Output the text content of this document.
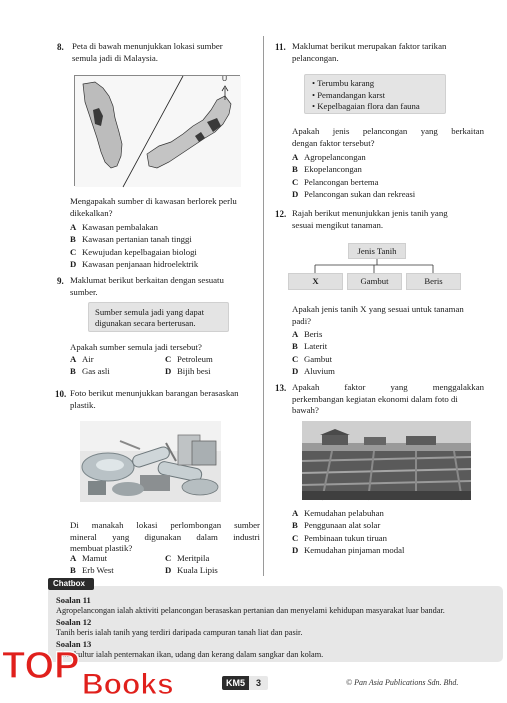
8. Peta di bawah menunjukkan lokasi sumber
semula jadi di Malaysia.
U
Mengapakah sumber di kawasan berlorek perlu
dikekalkan?
A Kawasan pembalakan
B Kawasan pertanian tanah tinggi
C Kewujudan kepelbagaian biologi
D Kawasan penjanaan hidroelektrik
9. Maklumat berikut berkaitan dengan sesuatu
sumber.
Sumber semula jadi yang dapat
digunakan secara berterusan.
Apakah sumber semula jadi tersebut?
A Air	C Petroleum
B Gas asli	D Bijih besi
10. Foto berikut menunjukkan barangan berasaskan
plastik.
Di manakah lokasi perlombongan sumber
mineral yang digunakan dalam industri
membuat plastik?
A Mamut	C Meritpila
B Erb West	D Kuala Lipis
11. Maklumat berikut merupakan faktor tarikan
pelancongan.
• Terumbu karang
• Pemandangan karst
• Kepelbagaian flora dan fauna
Apakah jenis pelancongan yang berkaitan
dengan faktor tersebut?
A Agropelancongan
B Ekopelancongan
C Pelancongan bertema
D Pelancongan sukan dan rekreasi
12. Rajah berikut menunjukkan jenis tanih yang
sesuai mengikut tanaman.
Jenis Tanih
X	Gambut	Beris
Apakah jenis tanih X yang sesuai untuk tanaman
padi?
A Beris
B Laterit
C Gambut
D Aluvium
13. Apakah faktor yang menggalakkan
perkembangan kegiatan ekonomi dalam foto di
bawah?
A Kemudahan pelabuhan
B Penggunaan alat solar
C Pembinaan tukun tiruan
D Kemudahan pinjaman modal
Chatbox
Soalan 11
Agropelancongan ialah aktiviti pelancongan berasaskan pertanian dan menyelami kehidupan masyarakat luar bandar.
Soalan 12
Tanih beris ialah tanih yang terdiri daripada campuran tanah liat dan pasir.
Soalan 13
Akuakultur ialah penternakan ikan, udang dan kerang dalam sangkar dan kolam.
TOP Books	KM5	3	© Pan Asia Publications Sdn. Bhd.
